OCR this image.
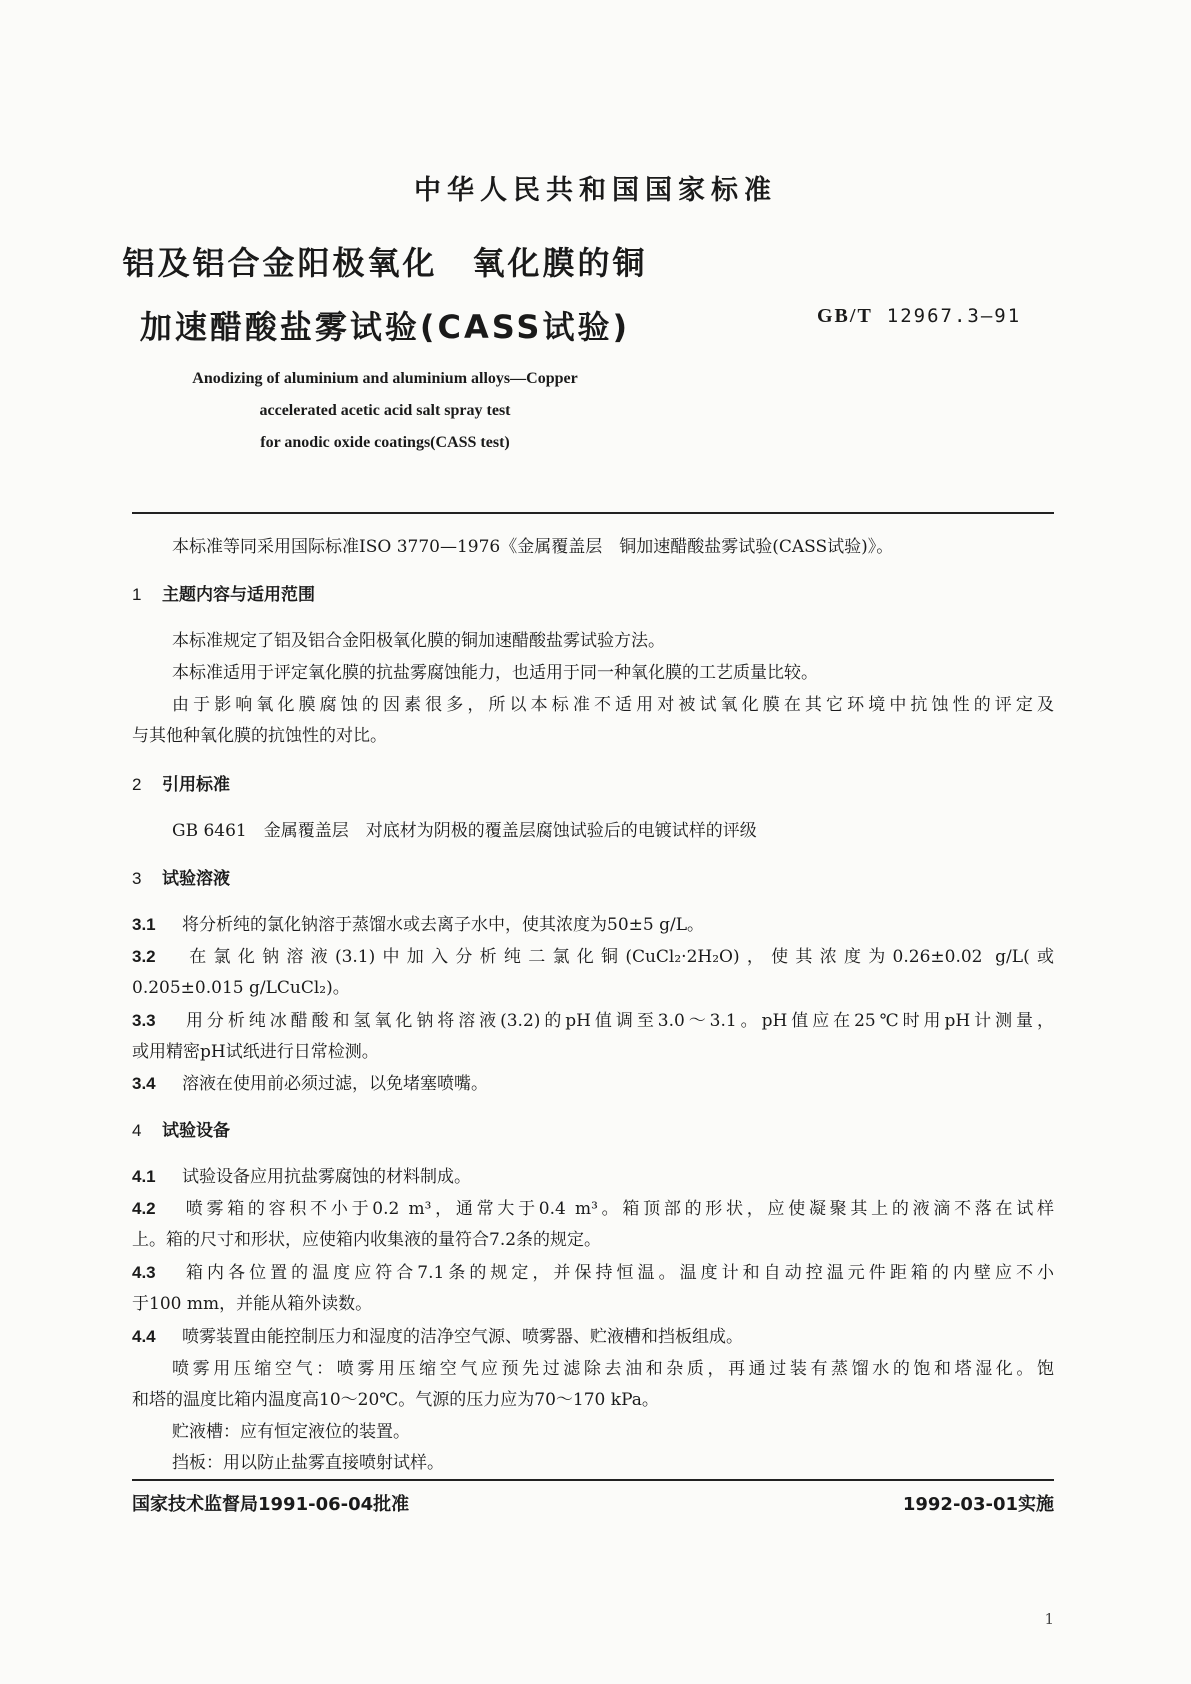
中华人民共和国国家标准
铝及铝合金阳极氧化　氧化膜的铜
加速醋酸盐雾试验(CASS试验)	GB/T 12967.3—91
Anodizing of aluminium and aluminium alloys—Copper
accelerated acetic acid salt spray test
for anodic oxide coatings(CASS test)
本标准等同采用国际标准ISO 3770—1976《金属覆盖层　铜加速醋酸盐雾试验(CASS试验)》。
1 主题内容与适用范围
本标准规定了铝及铝合金阳极氧化膜的铜加速醋酸盐雾试验方法。
本标准适用于评定氧化膜的抗盐雾腐蚀能力，也适用于同一种氧化膜的工艺质量比较。
由于影响氧化膜腐蚀的因素很多，所以本标准不适用对被试氧化膜在其它环境中抗蚀性的评定及
与其他种氧化膜的抗蚀性的对比。
2 引用标准
GB 6461　金属覆盖层　对底材为阴极的覆盖层腐蚀试验后的电镀试样的评级
3 试验溶液
3.1 将分析纯的氯化钠溶于蒸馏水或去离子水中，使其浓度为50±5 g/L。
3.2 在氯化钠溶液(3.1)中加入分析纯二氯化铜(CuCl₂·2H₂O)，使其浓度为0.26±0.02 g/L(或
0.205±0.015 g/LCuCl₂)。
3.3 用分析纯冰醋酸和氢氧化钠将溶液(3.2)的pH值调至3.0～3.1。pH值应在25℃时用pH计测量，
或用精密pH试纸进行日常检测。
3.4 溶液在使用前必须过滤，以免堵塞喷嘴。
4 试验设备
4.1 试验设备应用抗盐雾腐蚀的材料制成。
4.2 喷雾箱的容积不小于0.2 m³，通常大于0.4 m³。箱顶部的形状，应使凝聚其上的液滴不落在试样
上。箱的尺寸和形状，应使箱内收集液的量符合7.2条的规定。
4.3 箱内各位置的温度应符合7.1条的规定，并保持恒温。温度计和自动控温元件距箱的内壁应不小
于100 mm，并能从箱外读数。
4.4 喷雾装置由能控制压力和湿度的洁净空气源、喷雾器、贮液槽和挡板组成。
喷雾用压缩空气：喷雾用压缩空气应预先过滤除去油和杂质，再通过装有蒸馏水的饱和塔湿化。饱
和塔的温度比箱内温度高10～20℃。气源的压力应为70～170 kPa。
贮液槽：应有恒定液位的装置。
挡板：用以防止盐雾直接喷射试样。
国家技术监督局1991-06-04批准	1992-03-01实施
1
